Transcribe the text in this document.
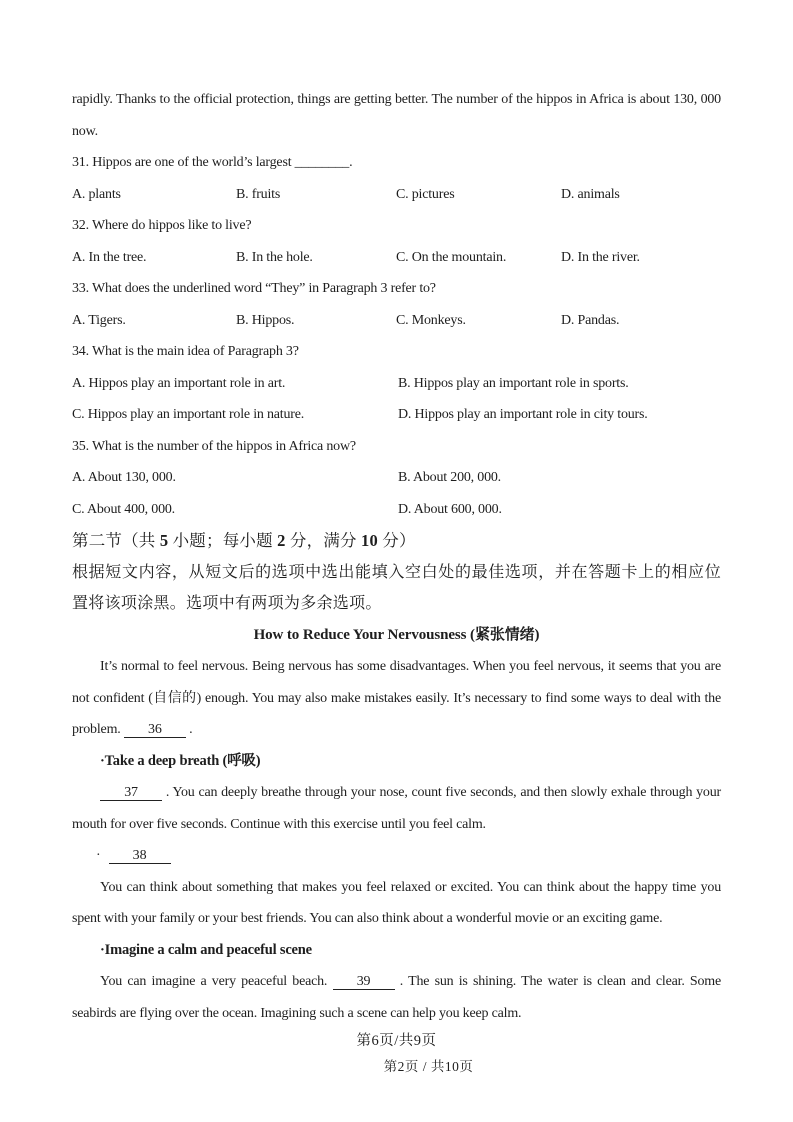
rapidly. Thanks to the official protection, things are getting better. The number of the hippos in Africa is about 130, 000 now.

31. Hippos are one of the world’s largest ________.

A. plants	B. fruits	C. pictures	D. animals

32. Where do hippos like to live?

A. In the tree.	B. In the hole.	C. On the mountain.	D. In the river.

33. What does the underlined word “They” in Paragraph 3 refer to?

A. Tigers.	B. Hippos.	C. Monkeys.	D. Pandas.

34. What is the main idea of Paragraph 3?

A. Hippos play an important role in art.	B. Hippos play an important role in sports.
C. Hippos play an important role in nature.	D. Hippos play an important role in city tours.

35. What is the number of the hippos in Africa now?

A. About 130, 000.	B. About 200, 000.
C. About 400, 000.	D. About 600, 000.

第二节（共 5 小题；每小题 2 分，满分 10 分）

根据短文内容，从短文后的选项中选出能填入空白处的最佳选项，并在答题卡上的相应位置将该项涂黑。选项中有两项为多余选项。

How to Reduce Your Nervousness (紧张情绪)

It’s normal to feel nervous. Being nervous has some disadvantages. When you feel nervous, it seems that you are not confident (自信的) enough. You may also make mistakes easily. It’s necessary to find some ways to deal with the problem. 36 .

·Take a deep breath (呼吸)

37 . You can deeply breathe through your nose, count five seconds, and then slowly exhale through your mouth for over five seconds. Continue with this exercise until you feel calm.

· 38

You can think about something that makes you feel relaxed or excited. You can think about the happy time you spent with your family or your best friends. You can also think about a wonderful movie or an exciting game.

·Imagine a calm and peaceful scene

You can imagine a very peaceful beach. 39 . The sun is shining. The water is clean and clear. Some seabirds are flying over the ocean. Imagining such a scene can help you keep calm.

第6页/共9页

第2页 / 共10页
